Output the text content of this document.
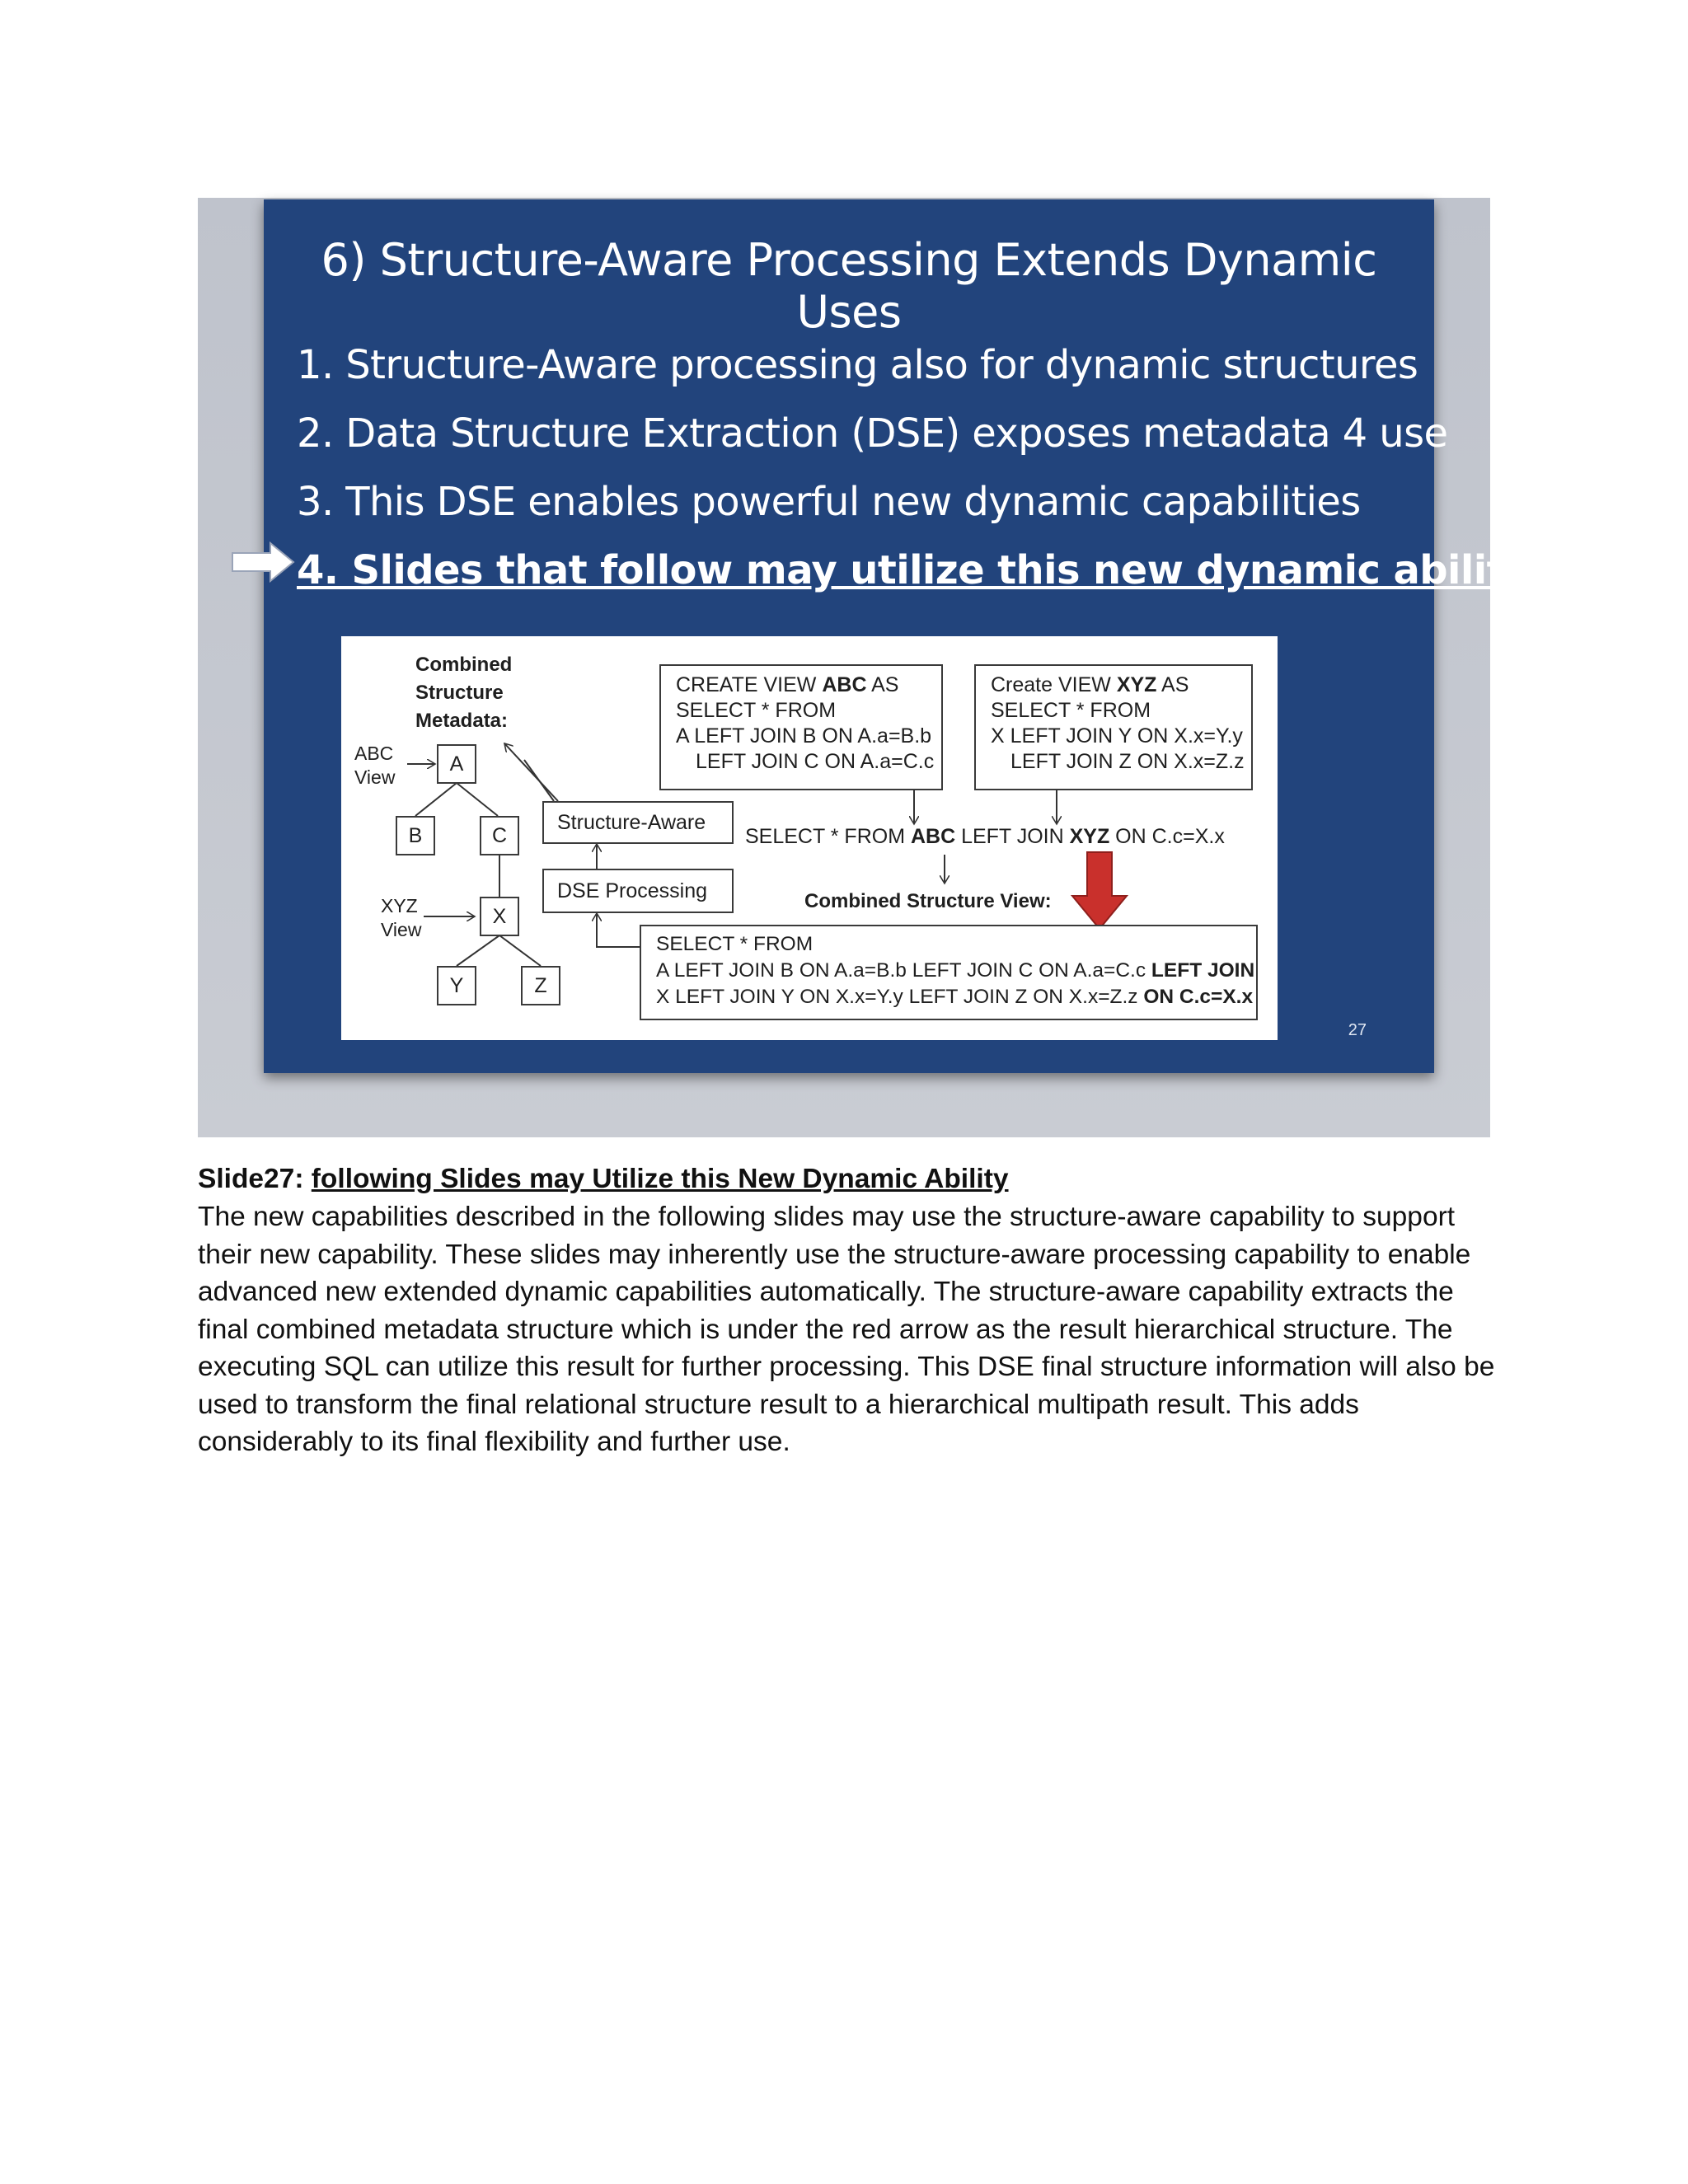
6) Structure-Aware Processing Extends Dynamic Uses
1. Structure-Aware processing also for dynamic structures
2. Data Structure Extraction (DSE) exposes metadata 4 use
3. This DSE enables powerful new dynamic capabilities
4. Slides that follow may utilize this new dynamic ability
Combined
Structure
Metadata:
ABC
View
XYZ
View
A
B	C
X
Y	Z
Structure-Aware
DSE Processing
CREATE VIEW ABC AS
SELECT * FROM
A LEFT JOIN B ON A.a=B.b
LEFT JOIN C ON A.a=C.c
Create VIEW XYZ AS
SELECT * FROM
X LEFT JOIN Y ON X.x=Y.y
LEFT JOIN Z ON X.x=Z.z
SELECT * FROM ABC LEFT JOIN XYZ ON C.c=X.x
Combined Structure View:
SELECT * FROM
A LEFT JOIN B ON A.a=B.b LEFT JOIN C ON A.a=C.c LEFT JOIN
X LEFT JOIN Y ON X.x=Y.y LEFT JOIN Z ON X.x=Z.z ON C.c=X.x
27
Slide27: following Slides may Utilize this New Dynamic Ability

The new capabilities described in the following slides may use the structure-aware capability to support their new capability. These slides may inherently use the structure-aware processing capability to enable advanced new extended dynamic capabilities automatically. The structure-aware capability extracts the final combined metadata structure which is under the red arrow as the result hierarchical structure. The executing SQL can utilize this result for further processing. This DSE final structure information will also be used to transform the final relational structure result to a hierarchical multipath result. This adds considerably to its final flexibility and further use.
